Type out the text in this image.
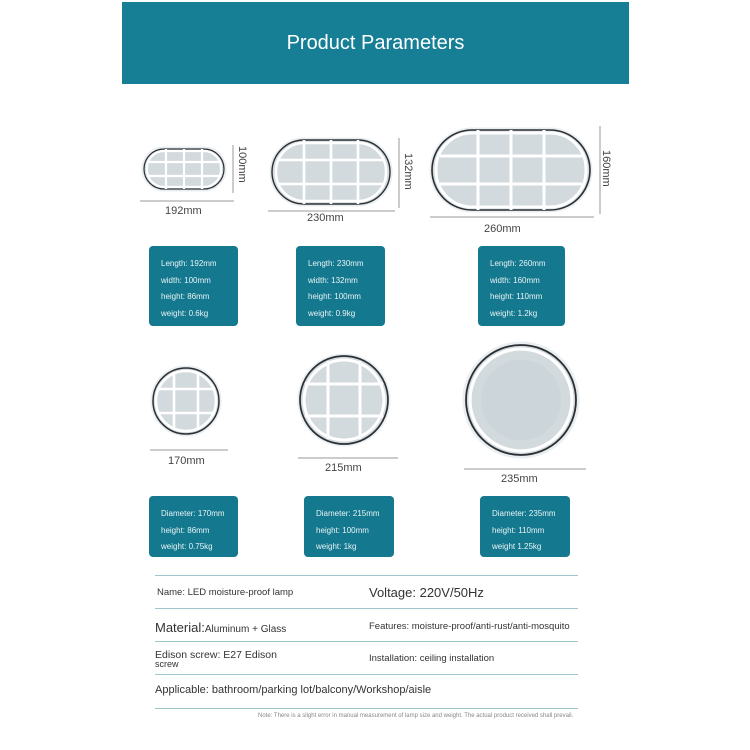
Product Parameters
192mm
100mm
230mm
132mm
260mm
160mm
Length: 192mm
width: 100mm
height: 86mm
weight: 0.6kg
Length: 230mm
width: 132mm
height: 100mm
weight: 0.9kg
Length: 260mm
width: 160mm
height: 110mm
weight: 1.2kg
170mm
215mm
235mm
Diameter: 170mm
height: 86mm
weight: 0.75kg
Diameter: 215mm
height: 100mm
weight: 1kg
Diameter: 235mm
height: 110mm
weight 1.25kg
Name: LED moisture-proof lamp	Voltage: 220V/50Hz
Material:Aluminum + Glass	Features: moisture-proof/anti-rust/anti-mosquito
Edison screw: E27 Edison
screw	Installation: ceiling installation
Applicable: bathroom/parking lot/balcony/Workshop/aisle
Note: There is a slight error in manual measurement of lamp size and weight. The actual product received shall prevail.
